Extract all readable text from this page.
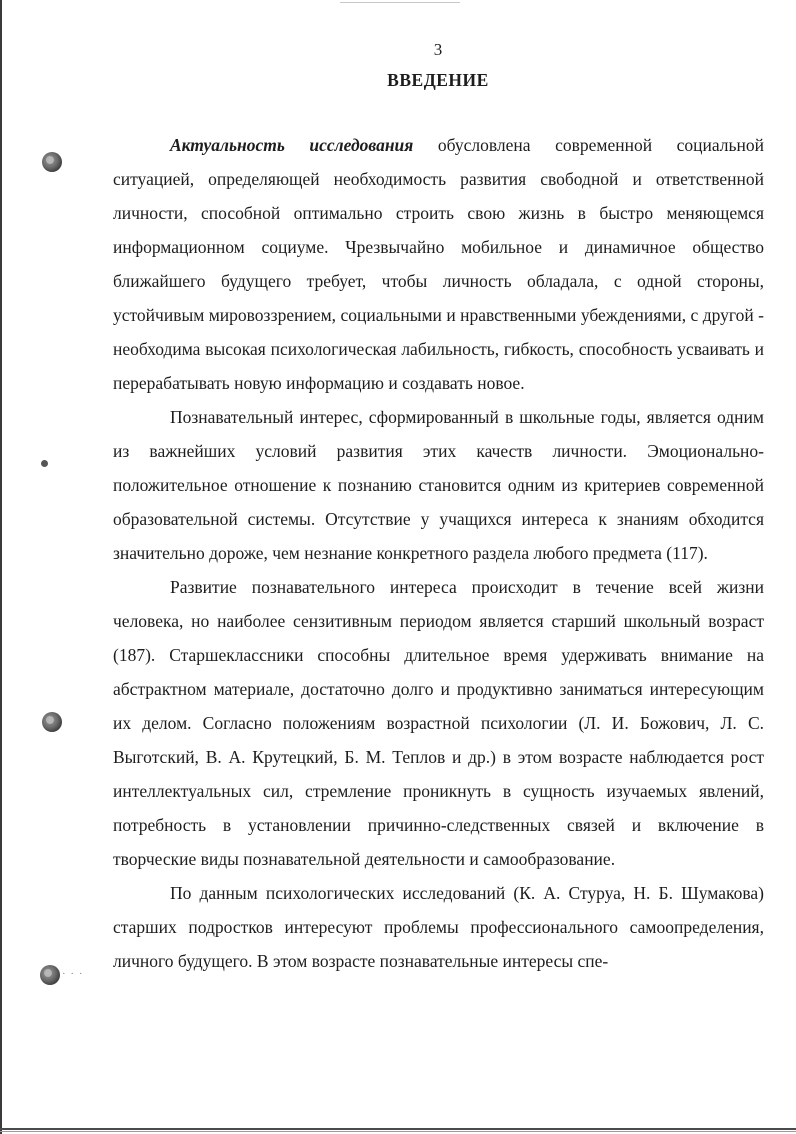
· · ·
3
ВВЕДЕНИЕ

Актуальность исследования обусловлена современной социальной ситуацией, определяющей необходимость развития свободной и ответственной личности, способной оптимально строить свою жизнь в быстро меняющемся информационном социуме. Чрезвычайно мобильное и динамичное общество ближайшего будущего требует, чтобы личность обладала, с одной стороны, устойчивым мировоззрением, социальными и нравственными убеждениями, с другой - необходима высокая психологическая лабильность, гибкость, способность усваивать и перерабатывать новую информацию и создавать новое.

Познавательный интерес, сформированный в школьные годы, является одним из важнейших условий развития этих качеств личности. Эмоционально-положительное отношение к познанию становится одним из критериев современной образовательной системы. Отсутствие у учащихся интереса к знаниям обходится значительно дороже, чем незнание конкретного раздела любого предмета (117).

Развитие познавательного интереса происходит в течение всей жизни человека, но наиболее сензитивным периодом является старший школьный возраст (187). Старшеклассники способны длительное время удерживать внимание на абстрактном материале, достаточно долго и продуктивно заниматься интересующим их делом. Согласно положениям возрастной психологии (Л. И. Божович, Л. С. Выготский, В. А. Крутецкий, Б. М. Теплов и др.) в этом возрасте наблюдается рост интеллектуальных сил, стремление проникнуть в сущность изучаемых явлений, потребность в установлении причинно-следственных связей и включение в творческие виды познавательной деятельности и самообразование.

По данным психологических исследований (К. А. Стуруа, Н. Б. Шумакова) старших подростков интересуют проблемы профессионального самоопределения, личного будущего. В этом возрасте познавательные интересы спе-
